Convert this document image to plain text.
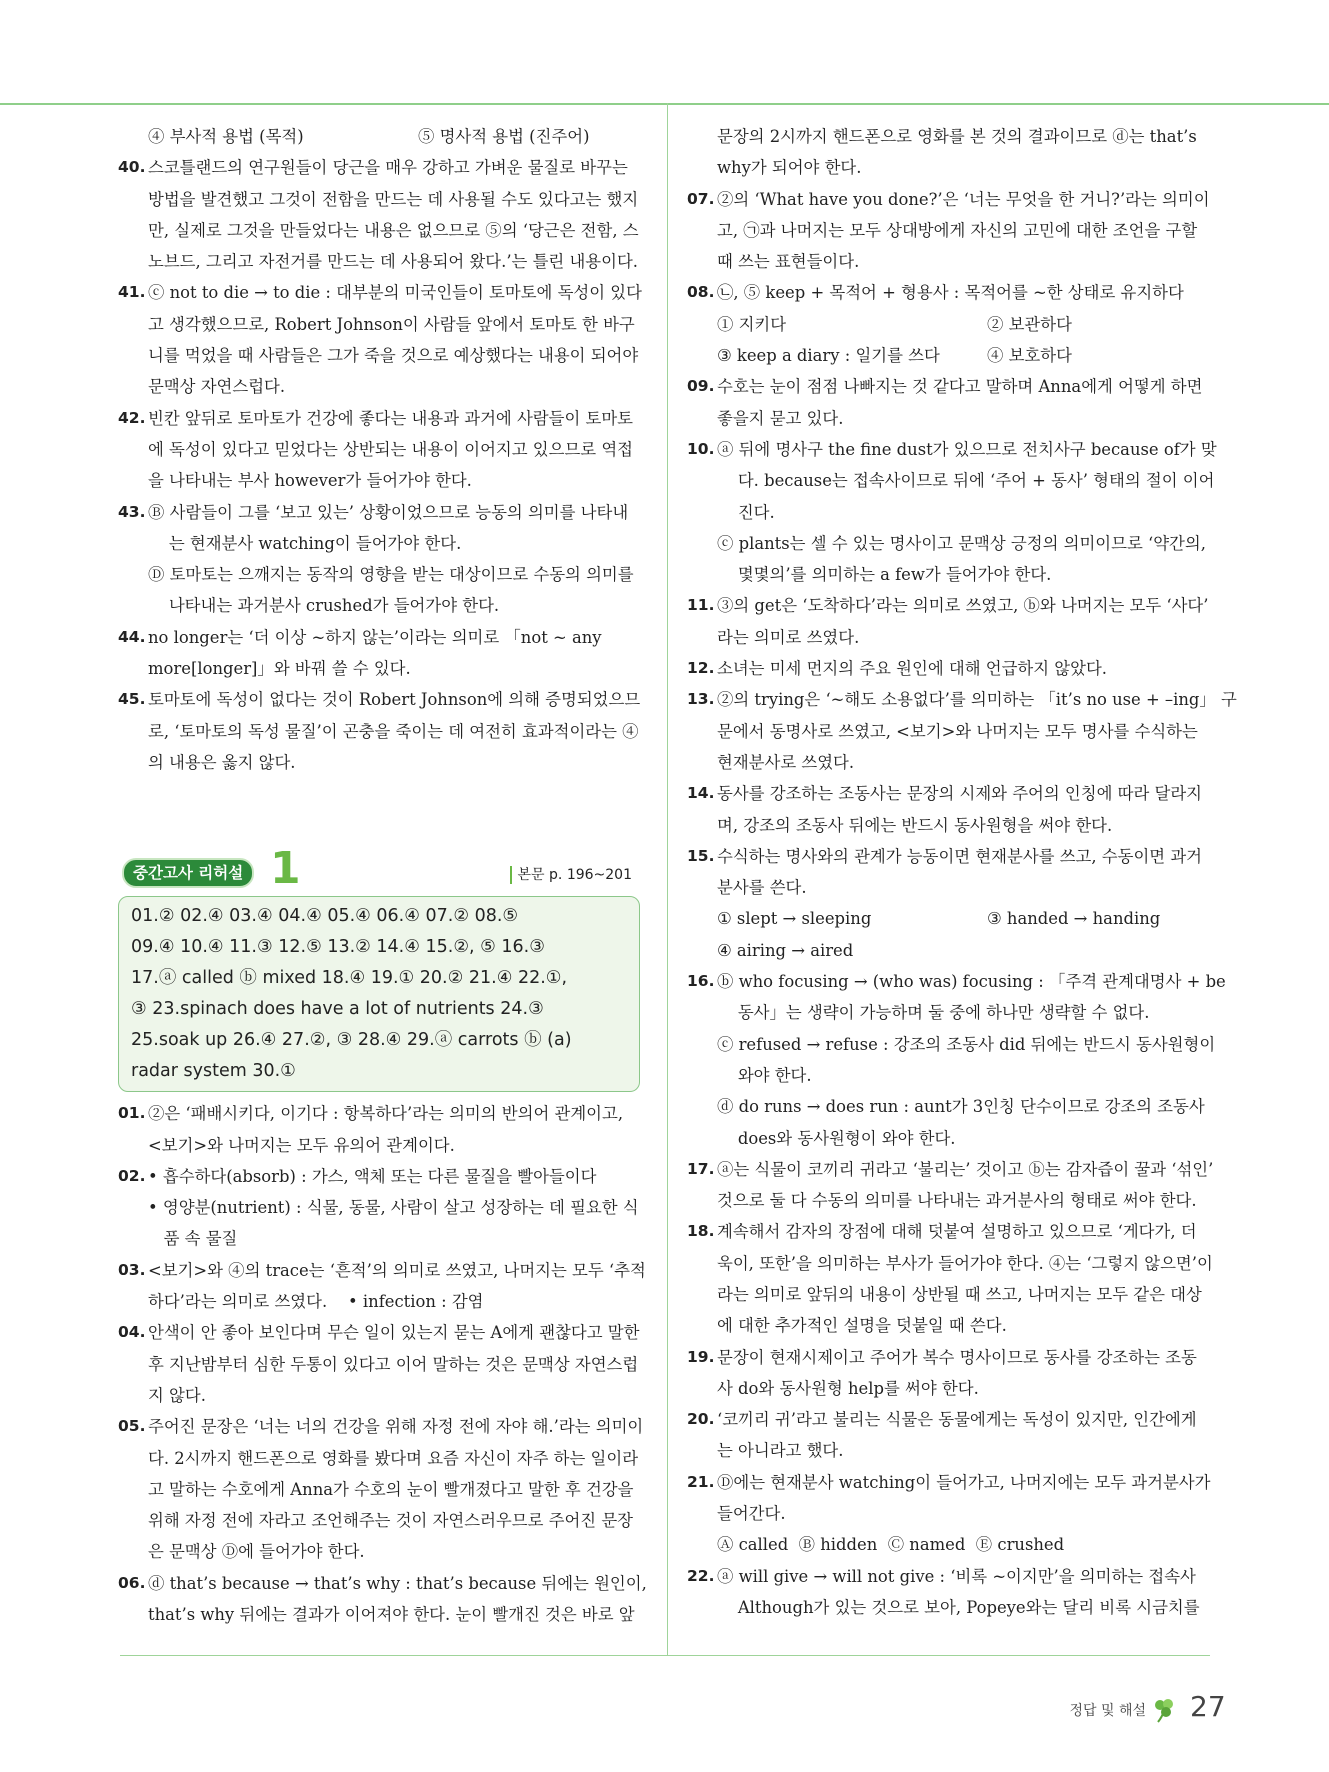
④ 부사적 용법 (목적)	⑤ 명사적 용법 (진주어)
40. 스코틀랜드의 연구원들이 당근을 매우 강하고 가벼운 물질로 바꾸는
방법을 발견했고 그것이 전함을 만드는 데 사용될 수도 있다고는 했지
만, 실제로 그것을 만들었다는 내용은 없으므로 ⑤의 ‘당근은 전함, 스
노브드, 그리고 자전거를 만드는 데 사용되어 왔다.’는 틀린 내용이다.
41. ⓒ not to die → to die : 대부분의 미국인들이 토마토에 독성이 있다
고 생각했으므로, Robert Johnson이 사람들 앞에서 토마토 한 바구
니를 먹었을 때 사람들은 그가 죽을 것으로 예상했다는 내용이 되어야
문맥상 자연스럽다.
42. 빈칸 앞뒤로 토마토가 건강에 좋다는 내용과 과거에 사람들이 토마토
에 독성이 있다고 믿었다는 상반되는 내용이 이어지고 있으므로 역접
을 나타내는 부사 however가 들어가야 한다.
43. Ⓑ 사람들이 그를 ‘보고 있는’ 상황이었으므로 능동의 의미를 나타내
는 현재분사 watching이 들어가야 한다.
Ⓓ 토마토는 으깨지는 동작의 영향을 받는 대상이므로 수동의 의미를
나타내는 과거분사 crushed가 들어가야 한다.
44. no longer는 ‘더 이상 ~하지 않는’이라는 의미로 「not ~ any
more[longer]」와 바꿔 쓸 수 있다.
45. 토마토에 독성이 없다는 것이 Robert Johnson에 의해 증명되었으므
로, ‘토마토의 독성 물질’이 곤충을 죽이는 데 여전히 효과적이라는 ④
의 내용은 옳지 않다.
중간고사 리허설 1	본문 p. 196~201
01.② 02.④ 03.④ 04.④ 05.④ 06.④ 07.② 08.⑤
09.④ 10.④ 11.③ 12.⑤ 13.② 14.④ 15.②, ⑤ 16.③
17.ⓐ called ⓑ mixed 18.④ 19.① 20.② 21.④ 22.①,
③ 23.spinach does have a lot of nutrients 24.③
25.soak up 26.④ 27.②, ③ 28.④ 29.ⓐ carrots ⓑ (a)
radar system 30.①
01. ②은 ‘패배시키다, 이기다 : 항복하다’라는 의미의 반의어 관계이고,
<보기>와 나머지는 모두 유의어 관계이다.
02. • 흡수하다(absorb) : 가스, 액체 또는 다른 물질을 빨아들이다
• 영양분(nutrient) : 식물, 동물, 사람이 살고 성장하는 데 필요한 식
품 속 물질
03. <보기>와 ④의 trace는 ‘흔적’의 의미로 쓰였고, 나머지는 모두 ‘추적
하다’라는 의미로 쓰였다.    • infection : 감염
04. 안색이 안 좋아 보인다며 무슨 일이 있는지 묻는 A에게 괜찮다고 말한
후 지난밤부터 심한 두통이 있다고 이어 말하는 것은 문맥상 자연스럽
지 않다.
05. 주어진 문장은 ‘너는 너의 건강을 위해 자정 전에 자야 해.’라는 의미이
다. 2시까지 핸드폰으로 영화를 봤다며 요즘 자신이 자주 하는 일이라
고 말하는 수호에게 Anna가 수호의 눈이 빨개졌다고 말한 후 건강을
위해 자정 전에 자라고 조언해주는 것이 자연스러우므로 주어진 문장
은 문맥상 Ⓓ에 들어가야 한다.
06. ⓓ that’s because → that’s why : that’s because 뒤에는 원인이,
that’s why 뒤에는 결과가 이어져야 한다. 눈이 빨개진 것은 바로 앞
문장의 2시까지 핸드폰으로 영화를 본 것의 결과이므로 ⓓ는 that’s
why가 되어야 한다.
07. ②의 ‘What have you done?’은 ‘너는 무엇을 한 거니?’라는 의미이
고, ㉠과 나머지는 모두 상대방에게 자신의 고민에 대한 조언을 구할
때 쓰는 표현들이다.
08. ㉡, ⑤ keep + 목적어 + 형용사 : 목적어를 ~한 상태로 유지하다
① 지키다	② 보관하다
③ keep a diary : 일기를 쓰다	④ 보호하다
09. 수호는 눈이 점점 나빠지는 것 같다고 말하며 Anna에게 어떻게 하면
좋을지 묻고 있다.
10. ⓐ 뒤에 명사구 the fine dust가 있으므로 전치사구 because of가 맞
다. because는 접속사이므로 뒤에 ‘주어 + 동사’ 형태의 절이 이어
진다.
ⓒ plants는 셀 수 있는 명사이고 문맥상 긍정의 의미이므로 ‘약간의,
몇몇의’를 의미하는 a few가 들어가야 한다.
11. ③의 get은 ‘도착하다’라는 의미로 쓰였고, ⓑ와 나머지는 모두 ‘사다’
라는 의미로 쓰였다.
12. 소녀는 미세 먼지의 주요 원인에 대해 언급하지 않았다.
13. ②의 trying은 ‘~해도 소용없다’를 의미하는 「it’s no use + –ing」 구
문에서 동명사로 쓰였고, <보기>와 나머지는 모두 명사를 수식하는
현재분사로 쓰였다.
14. 동사를 강조하는 조동사는 문장의 시제와 주어의 인칭에 따라 달라지
며, 강조의 조동사 뒤에는 반드시 동사원형을 써야 한다.
15. 수식하는 명사와의 관계가 능동이면 현재분사를 쓰고, 수동이면 과거
분사를 쓴다.
① slept → sleeping	③ handed → handing
④ airing → aired
16. ⓑ who focusing → (who was) focusing : 「주격 관계대명사 + be
동사」는 생략이 가능하며 둘 중에 하나만 생략할 수 없다.
ⓒ refused → refuse : 강조의 조동사 did 뒤에는 반드시 동사원형이
와야 한다.
ⓓ do runs → does run : aunt가 3인칭 단수이므로 강조의 조동사
does와 동사원형이 와야 한다.
17. ⓐ는 식물이 코끼리 귀라고 ‘불리는’ 것이고 ⓑ는 감자즙이 꿀과 ‘섞인’
것으로 둘 다 수동의 의미를 나타내는 과거분사의 형태로 써야 한다.
18. 계속해서 감자의 장점에 대해 덧붙여 설명하고 있으므로 ‘게다가, 더
욱이, 또한’을 의미하는 부사가 들어가야 한다. ④는 ‘그렇지 않으면’이
라는 의미로 앞뒤의 내용이 상반될 때 쓰고, 나머지는 모두 같은 대상
에 대한 추가적인 설명을 덧붙일 때 쓴다.
19. 문장이 현재시제이고 주어가 복수 명사이므로 동사를 강조하는 조동
사 do와 동사원형 help를 써야 한다.
20. ‘코끼리 귀’라고 불리는 식물은 동물에게는 독성이 있지만, 인간에게
는 아니라고 했다.
21. Ⓓ에는 현재분사 watching이 들어가고, 나머지에는 모두 과거분사가
들어간다.
Ⓐ called  Ⓑ hidden  Ⓒ named  Ⓔ crushed
22. ⓐ will give → will not give : ‘비록 ~이지만’을 의미하는 접속사
Although가 있는 것으로 보아, Popeye와는 달리 비록 시금치를
정답 및 해설 27
